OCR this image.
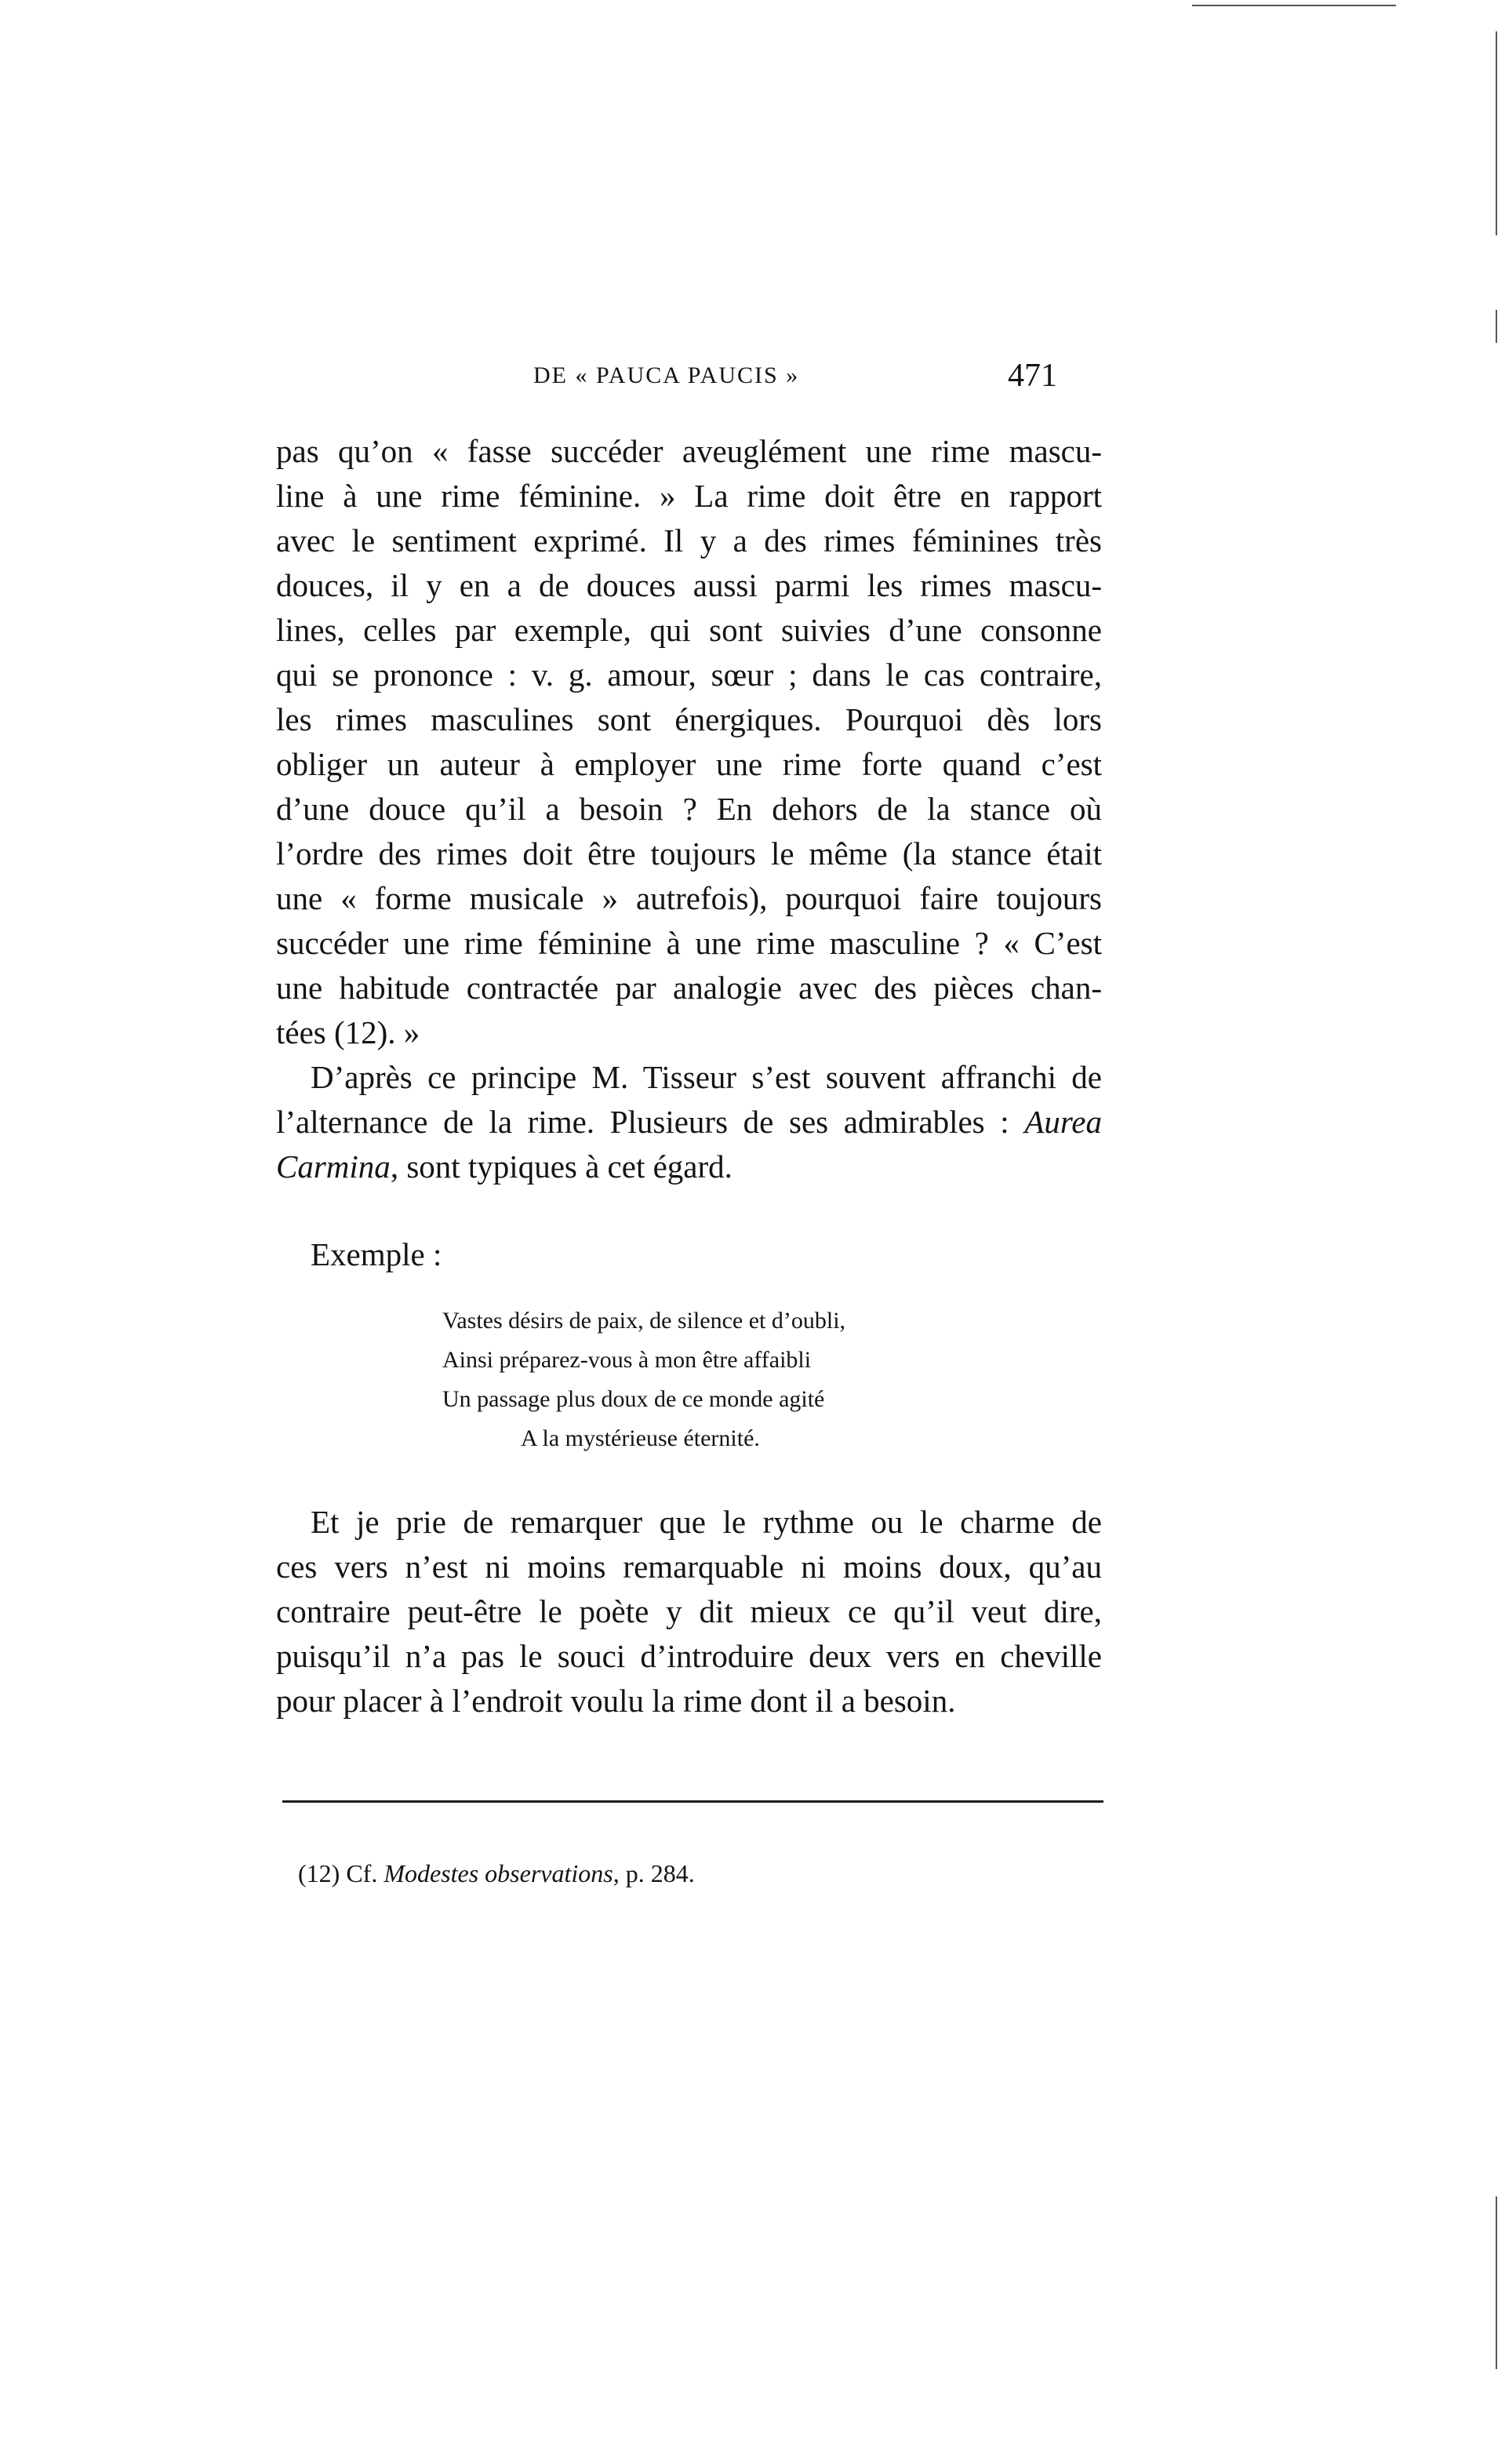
DE « PAUCA PAUCIS »	471
pas qu’on « fasse succéder aveuglément une rime mascu-
line à une rime féminine. » La rime doit être en rapport
avec le sentiment exprimé. Il y a des rimes féminines très
douces, il y en a de douces aussi parmi les rimes mascu-
lines, celles par exemple, qui sont suivies d’une consonne
qui se prononce : v. g. amour, sœur ; dans le cas contraire,
les rimes masculines sont énergiques. Pourquoi dès lors
obliger un auteur à employer une rime forte quand c’est
d’une douce qu’il a besoin ? En dehors de la stance où
l’ordre des rimes doit être toujours le même (la stance était
une « forme musicale » autrefois), pourquoi faire toujours
succéder une rime féminine à une rime masculine ? « C’est
une habitude contractée par analogie avec des pièces chan-
tées (12). »
D’après ce principe M. Tisseur s’est souvent affranchi de
l’alternance de la rime. Plusieurs de ses admirables : Aurea
Carmina, sont typiques à cet égard.
Exemple :
Vastes désirs de paix, de silence et d’oubli,
Ainsi préparez-vous à mon être affaibli
Un passage plus doux de ce monde agité
A la mystérieuse éternité.
Et je prie de remarquer que le rythme ou le charme de
ces vers n’est ni moins remarquable ni moins doux, qu’au
contraire peut-être le poète y dit mieux ce qu’il veut dire,
puisqu’il n’a pas le souci d’introduire deux vers en cheville
pour placer à l’endroit voulu la rime dont il a besoin.
(12) Cf. Modestes observations, p. 284.
